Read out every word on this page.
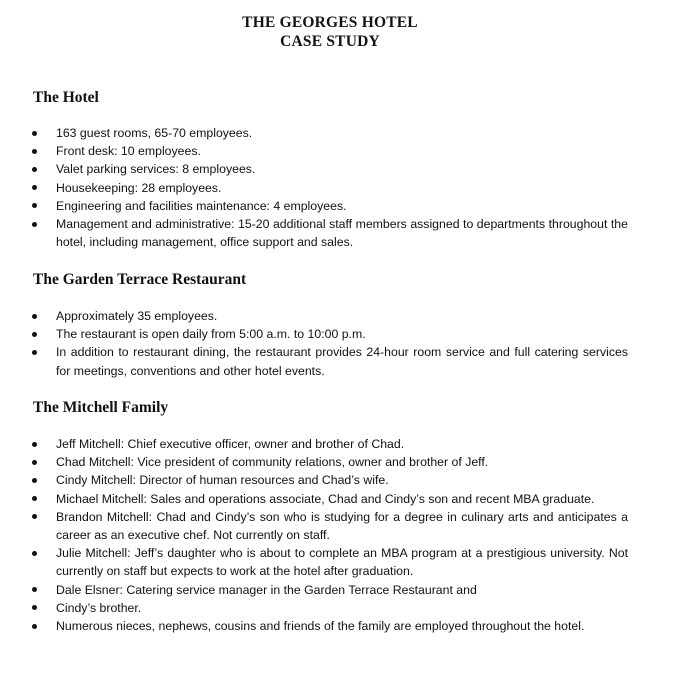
THE GEORGES HOTEL
CASE STUDY
The Hotel
163 guest rooms, 65-70 employees.
Front desk: 10 employees.
Valet parking services: 8 employees.
Housekeeping: 28 employees.
Engineering and facilities maintenance: 4 employees.
Management and administrative: 15-20 additional staff members assigned to departments throughout the hotel, including management, office support and sales.
The Garden Terrace Restaurant
Approximately 35 employees.
The restaurant is open daily from 5:00 a.m. to 10:00 p.m.
In addition to restaurant dining, the restaurant provides 24-hour room service and full catering services for meetings, conventions and other hotel events.
The Mitchell Family
Jeff Mitchell: Chief executive officer, owner and brother of Chad.
Chad Mitchell: Vice president of community relations, owner and brother of Jeff.
Cindy Mitchell: Director of human resources and Chad’s wife.
Michael Mitchell: Sales and operations associate, Chad and Cindy’s son and recent MBA graduate.
Brandon Mitchell: Chad and Cindy’s son who is studying for a degree in culinary arts and anticipates a career as an executive chef. Not currently on staff.
Julie Mitchell: Jeff’s daughter who is about to complete an MBA program at a prestigious university. Not currently on staff but expects to work at the hotel after graduation.
Dale Elsner: Catering service manager in the Garden Terrace Restaurant and
Cindy’s brother.
Numerous nieces, nephews, cousins and friends of the family are employed throughout the hotel.
